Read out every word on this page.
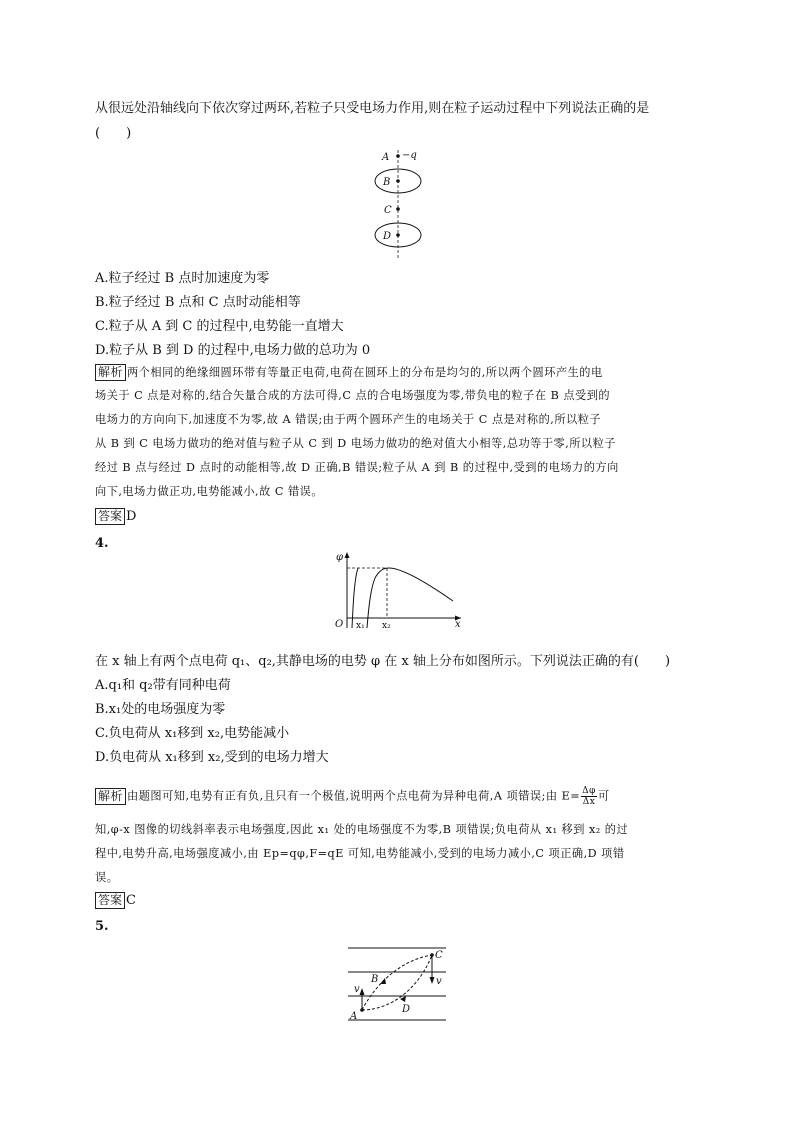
从很远处沿轴线向下依次穿过两环,若粒子只受电场力作用,则在粒子运动过程中下列说法正确的是
(　　)
A −q
B
C
D
A.粒子经过 B 点时加速度为零
B.粒子经过 B 点和 C 点时动能相等
C.粒子从 A 到 C 的过程中,电势能一直增大
D.粒子从 B 到 D 的过程中,电场力做的总功为 0
解析 两个相同的绝缘细圆环带有等量正电荷,电荷在圆环上的分布是均匀的,所以两个圆环产生的电
场关于 C 点是对称的,结合矢量合成的方法可得,C 点的合电场强度为零,带负电的粒子在 B 点受到的
电场力的方向向下,加速度不为零,故 A 错误;由于两个圆环产生的电场关于 C 点是对称的,所以粒子
从 B 到 C 电场力做功的绝对值与粒子从 C 到 D 电场力做功的绝对值大小相等,总功等于零,所以粒子
经过 B 点与经过 D 点时的动能相等,故 D 正确,B 错误;粒子从 A 到 B 的过程中,受到的电场力的方向
向下,电场力做正功,电势能减小,故 C 错误。
答案 D
4.
φ
O	x
x₁ x₂
在 x 轴上有两个点电荷 q₁、q₂,其静电场的电势 φ 在 x 轴上分布如图所示。下列说法正确的有(　　)
A.q₁和 q₂带有同种电荷
B.x₁处的电场强度为零
C.负电荷从 x₁移到 x₂,电势能减小
D.负电荷从 x₁移到 x₂,受到的电场力增大
解析 由题图可知,电势有正有负,且只有一个极值,说明两个点电荷为异种电荷,A 项错误;由 $E= \frac{\Delta\varphi}{\Delta x}$ 可
知,φ-x 图像的切线斜率表示电场强度,因此 x₁ 处的电场强度不为零,B 项错误;负电荷从 x₁ 移到 x₂ 的过
程中,电势升高,电场强度减小,由 Ep=qφ,F=qE 可知,电势能减小,受到的电场力减小,C 项正确,D 项错
误。
答案 C
5.
A
B
C
D
v
v
